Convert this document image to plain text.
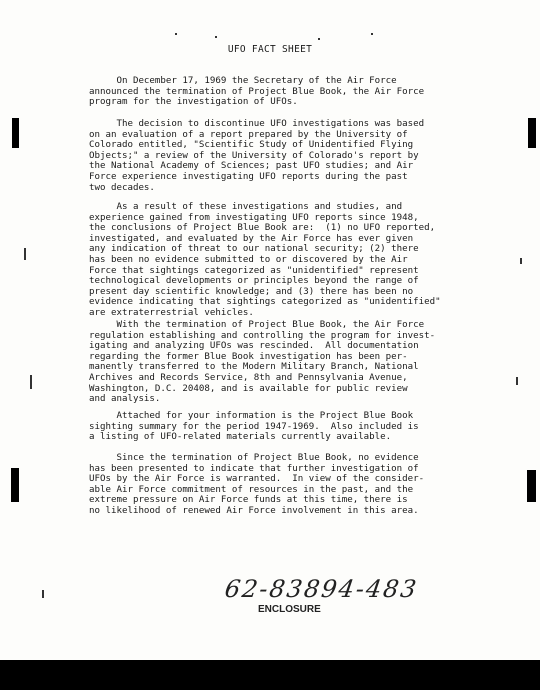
UFO FACT SHEET
On December 17, 1969 the Secretary of the Air Force
announced the termination of Project Blue Book, the Air Force
program for the investigation of UFOs.
The decision to discontinue UFO investigations was based
on an evaluation of a report prepared by the University of
Colorado entitled, "Scientific Study of Unidentified Flying
Objects;" a review of the University of Colorado's report by
the National Academy of Sciences; past UFO studies; and Air
Force experience investigating UFO reports during the past
two decades.
As a result of these investigations and studies, and
experience gained from investigating UFO reports since 1948,
the conclusions of Project Blue Book are:  (1) no UFO reported,
investigated, and evaluated by the Air Force has ever given
any indication of threat to our national security; (2) there
has been no evidence submitted to or discovered by the Air
Force that sightings categorized as "unidentified" represent
technological developments or principles beyond the range of
present day scientific knowledge; and (3) there has been no
evidence indicating that sightings categorized as "unidentified"
are extraterrestrial vehicles.
With the termination of Project Blue Book, the Air Force
regulation establishing and controlling the program for invest-
igating and analyzing UFOs was rescinded.  All documentation
regarding the former Blue Book investigation has been per-
manently transferred to the Modern Military Branch, National
Archives and Records Service, 8th and Pennsylvania Avenue,
Washington, D.C. 20408, and is available for public review
and analysis.
Attached for your information is the Project Blue Book
sighting summary for the period 1947-1969.  Also included is
a listing of UFO-related materials currently available.
Since the termination of Project Blue Book, no evidence
has been presented to indicate that further investigation of
UFOs by the Air Force is warranted.  In view of the consider-
able Air Force commitment of resources in the past, and the
extreme pressure on Air Force funds at this time, there is
no likelihood of renewed Air Force involvement in this area.
62-83894-483
ENCLOSURE
